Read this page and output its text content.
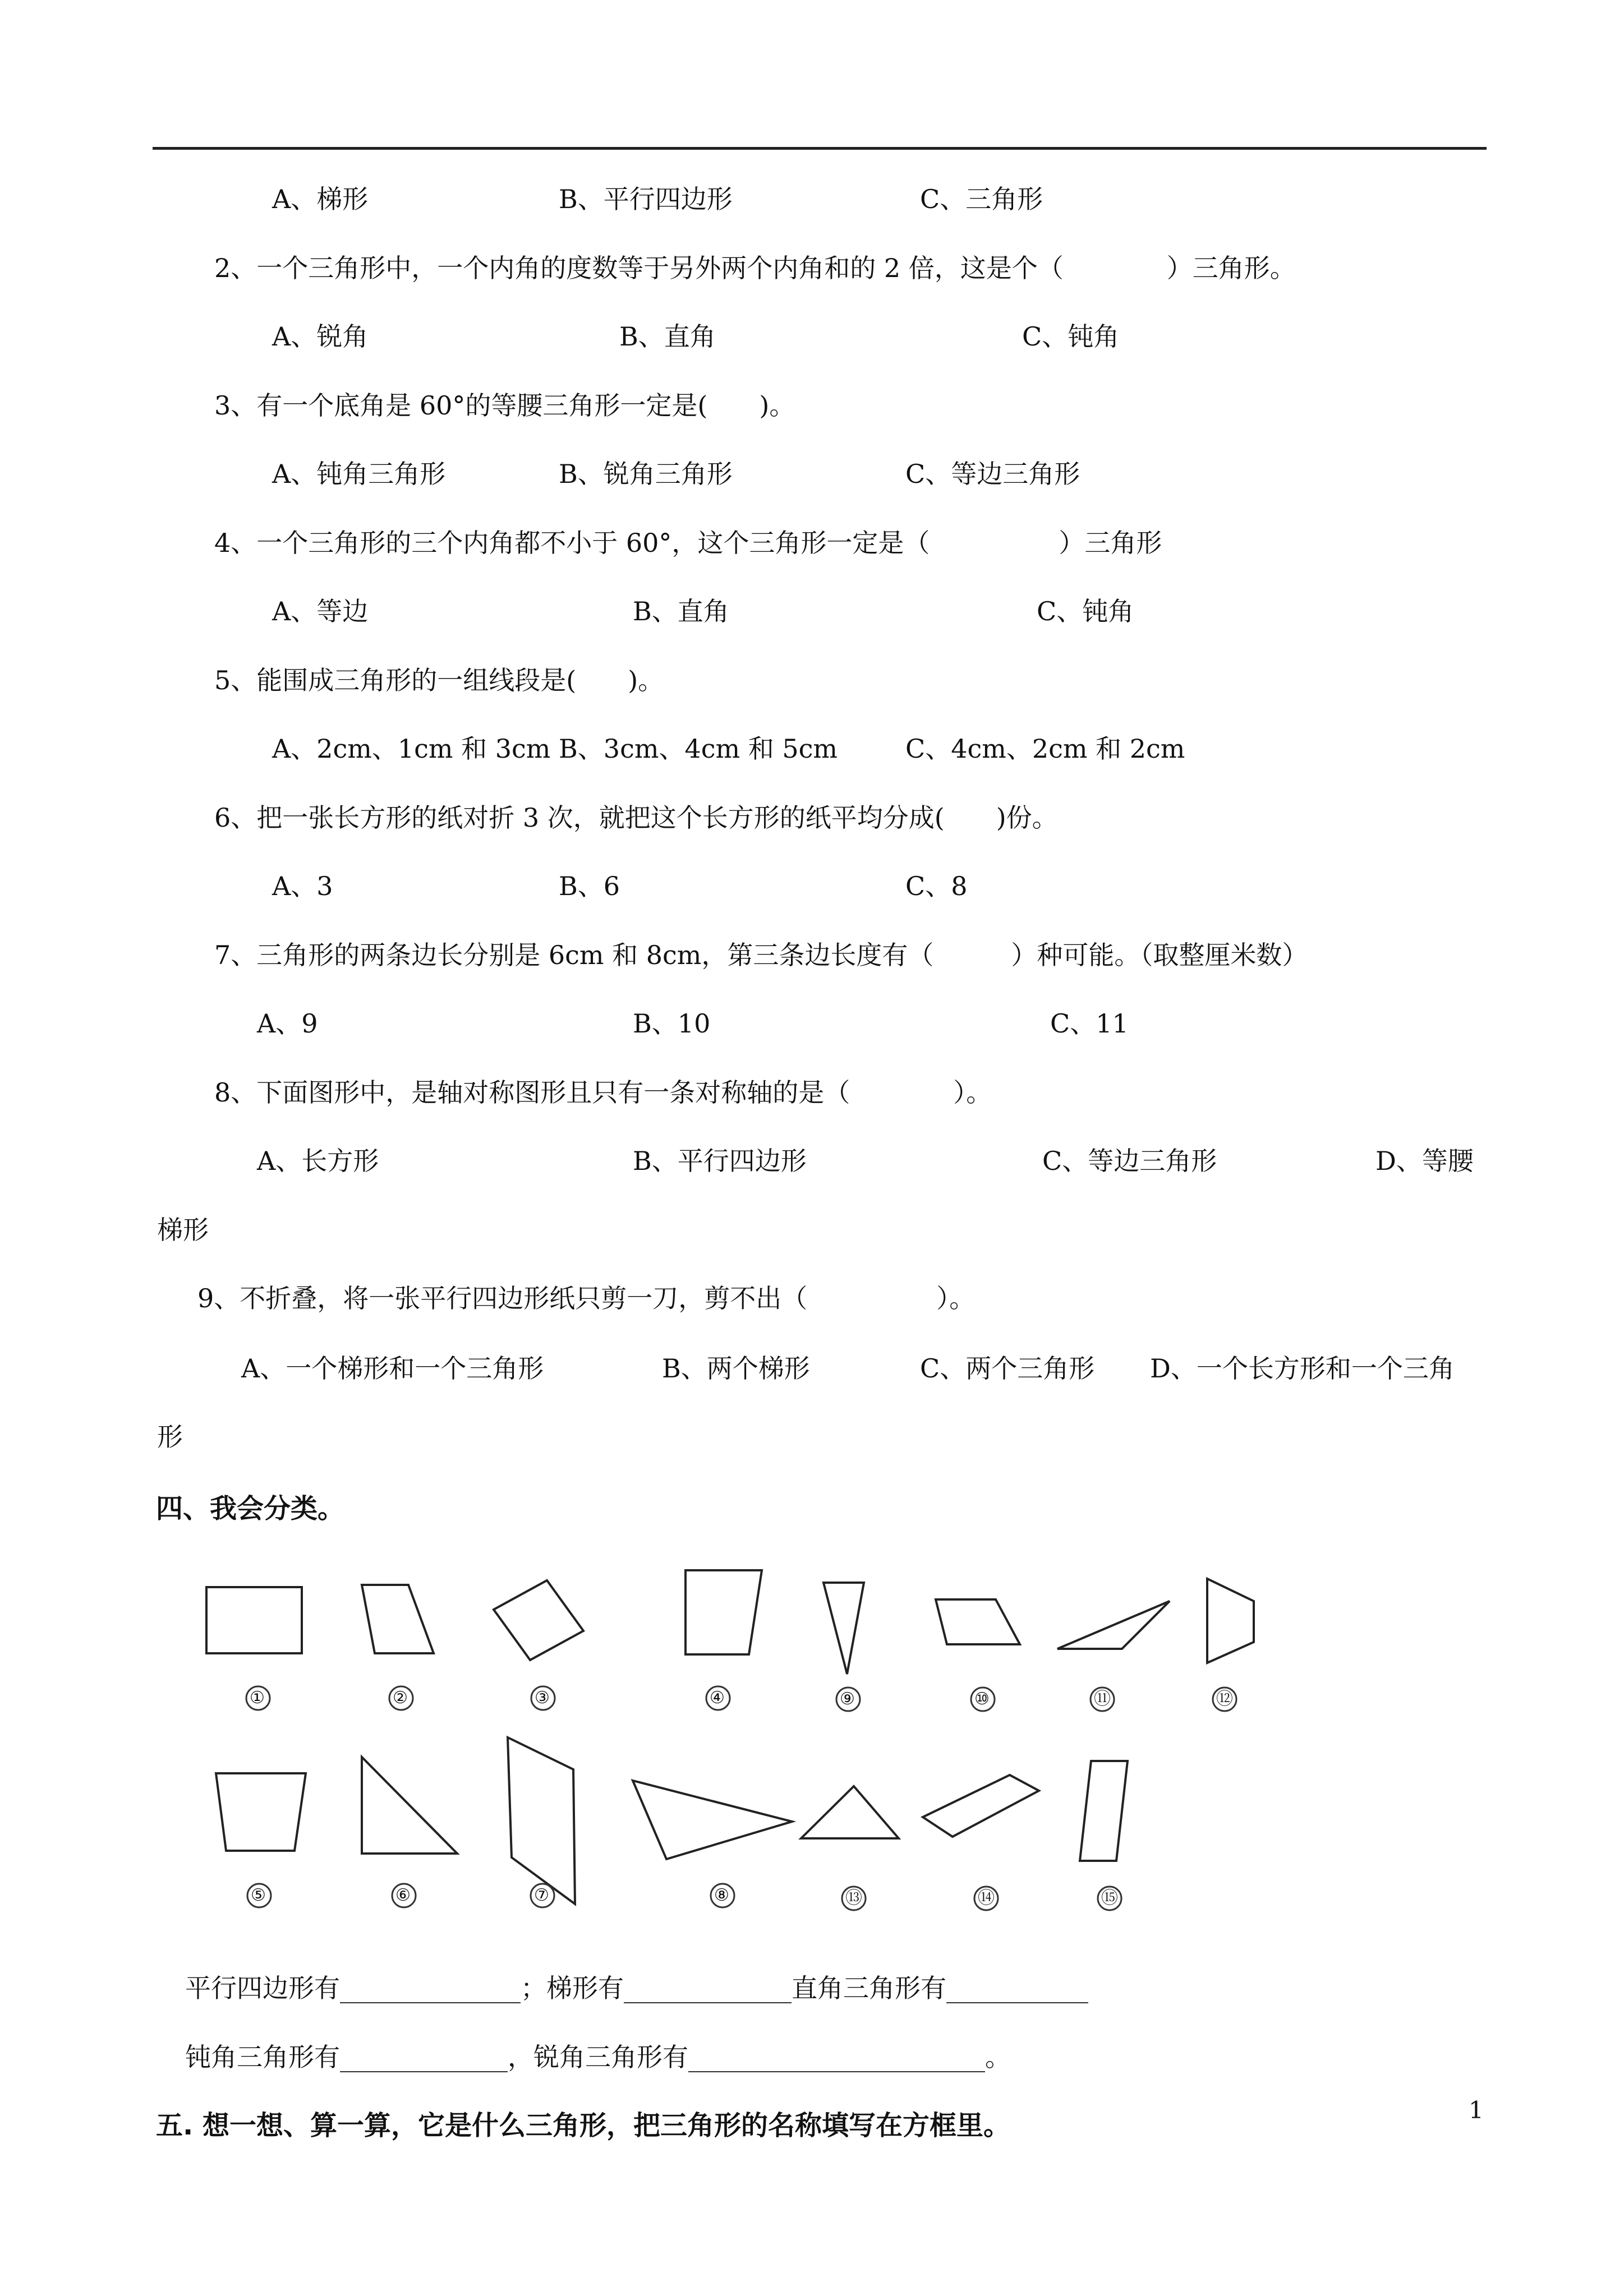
A、梯形	B、平行四边形	C、三角形
2、一个三角形中，一个内角的度数等于另外两个内角和的 2 倍，这是个（　　　　）三角形。
A、锐角	B、直角	C、钝角
3、有一个底角是 60°的等腰三角形一定是(　　)。
A、钝角三角形	B、锐角三角形	C、等边三角形
4、一个三角形的三个内角都不小于 60°，这个三角形一定是（　　　　　）三角形
A、等边	B、直角	C、钝角
5、能围成三角形的一组线段是(　　)。
A、2cm、1cm 和 3cm B、3cm、4cm 和 5cm	C、4cm、2cm 和 2cm
6、把一张长方形的纸对折 3 次，就把这个长方形的纸平均分成(　　)份。
A、3	B、6	C、8
7、三角形的两条边长分别是 6cm 和 8cm，第三条边长度有（　　　）种可能。（取整厘米数）
A、9	B、10	C、11
8、下面图形中，是轴对称图形且只有一条对称轴的是（　　　　）。
A、长方形	B、平行四边形	C、等边三角形	D、等腰
梯形
9、不折叠，将一张平行四边形纸只剪一刀，剪不出（　　　　　）。
A、一个梯形和一个三角形	B、两个梯形	C、两个三角形 D、一个长方形和一个三角
形
四、我会分类。
①	②	③	④	⑨	⑩	⑪	⑫
⑤	⑥	⑦	⑧	⑬	⑭	⑮
平行四边形有______________；梯形有_____________直角三角形有___________
钝角三角形有_____________，锐角三角形有_______________________。
五. 想一想、算一算，它是什么三角形，把三角形的名称填写在方框里。	1
